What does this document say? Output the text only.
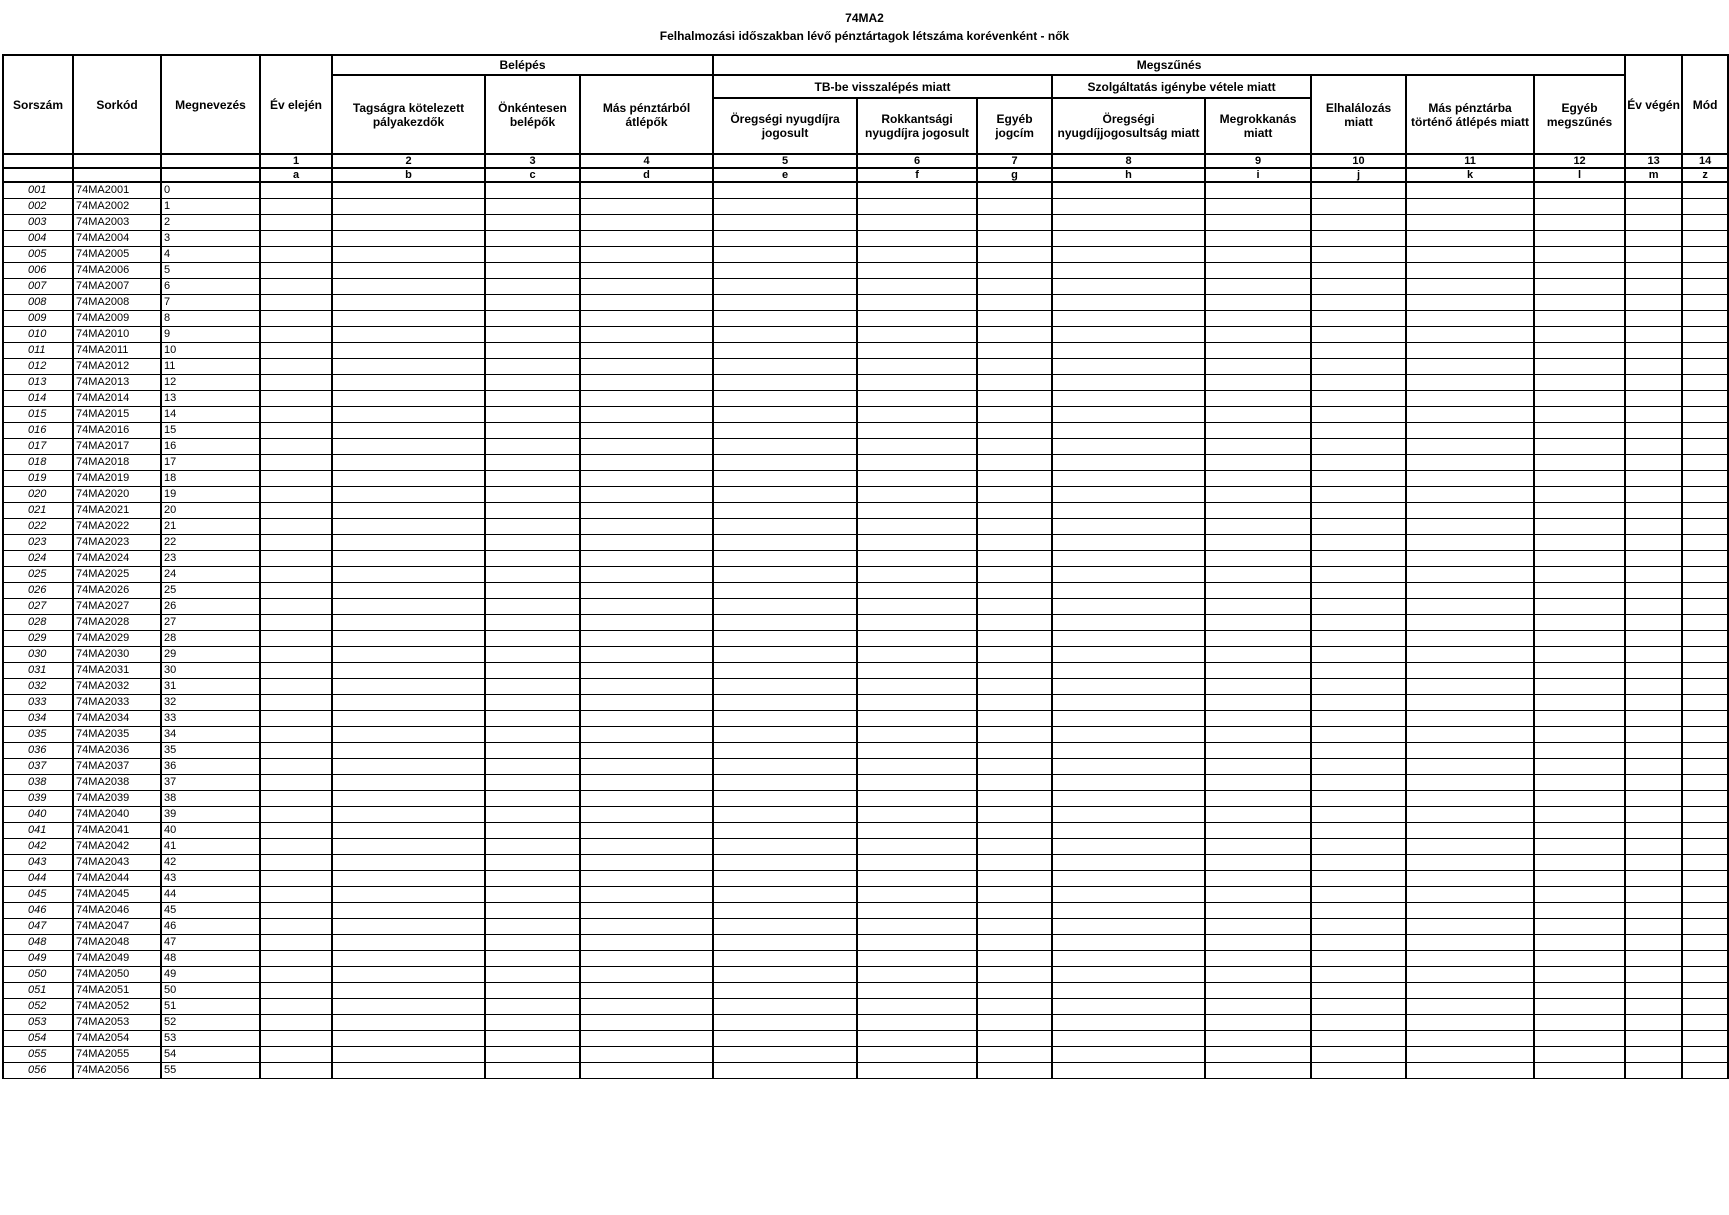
74MA2
Felhalmozási időszakban lévő pénztártagok létszáma korévenként - nők
Sorszám	Sorkód	Megnevezés	Év elején	Belépés			Megszűnés								Év végén	Mód
				Tagságra kötelezett pályakezdők	Önkéntesen belépők	Más pénztárból átlépők	TB-be visszalépés miatt			Szolgáltatás igénybe vétele miatt		Elhalálozás miatt	Más pénztárba történő átlépés miatt	Egyéb megszűnés		
							Öregségi nyugdíjra jogosult	Rokkantsági nyugdíjra jogosult	Egyéb jogcím	Öregségi nyugdíjjogosultság miatt	Megrokkanás miatt					
			1	2	3	4	5	6	7	8	9	10	11	12	13	14
			a	b	c	d	e	f	g	h	i	j	k	l	m	z
001	74MA2001	0														
002	74MA2002	1														
003	74MA2003	2														
004	74MA2004	3														
005	74MA2005	4														
006	74MA2006	5														
007	74MA2007	6														
008	74MA2008	7														
009	74MA2009	8														
010	74MA2010	9														
011	74MA2011	10														
012	74MA2012	11														
013	74MA2013	12														
014	74MA2014	13														
015	74MA2015	14														
016	74MA2016	15														
017	74MA2017	16														
018	74MA2018	17														
019	74MA2019	18														
020	74MA2020	19														
021	74MA2021	20														
022	74MA2022	21														
023	74MA2023	22														
024	74MA2024	23														
025	74MA2025	24														
026	74MA2026	25														
027	74MA2027	26														
028	74MA2028	27														
029	74MA2029	28														
030	74MA2030	29														
031	74MA2031	30														
032	74MA2032	31														
033	74MA2033	32														
034	74MA2034	33														
035	74MA2035	34														
036	74MA2036	35														
037	74MA2037	36														
038	74MA2038	37														
039	74MA2039	38														
040	74MA2040	39														
041	74MA2041	40														
042	74MA2042	41														
043	74MA2043	42														
044	74MA2044	43														
045	74MA2045	44														
046	74MA2046	45														
047	74MA2047	46														
048	74MA2048	47														
049	74MA2049	48														
050	74MA2050	49														
051	74MA2051	50														
052	74MA2052	51														
053	74MA2053	52														
054	74MA2054	53														
055	74MA2055	54														
056	74MA2056	55														
